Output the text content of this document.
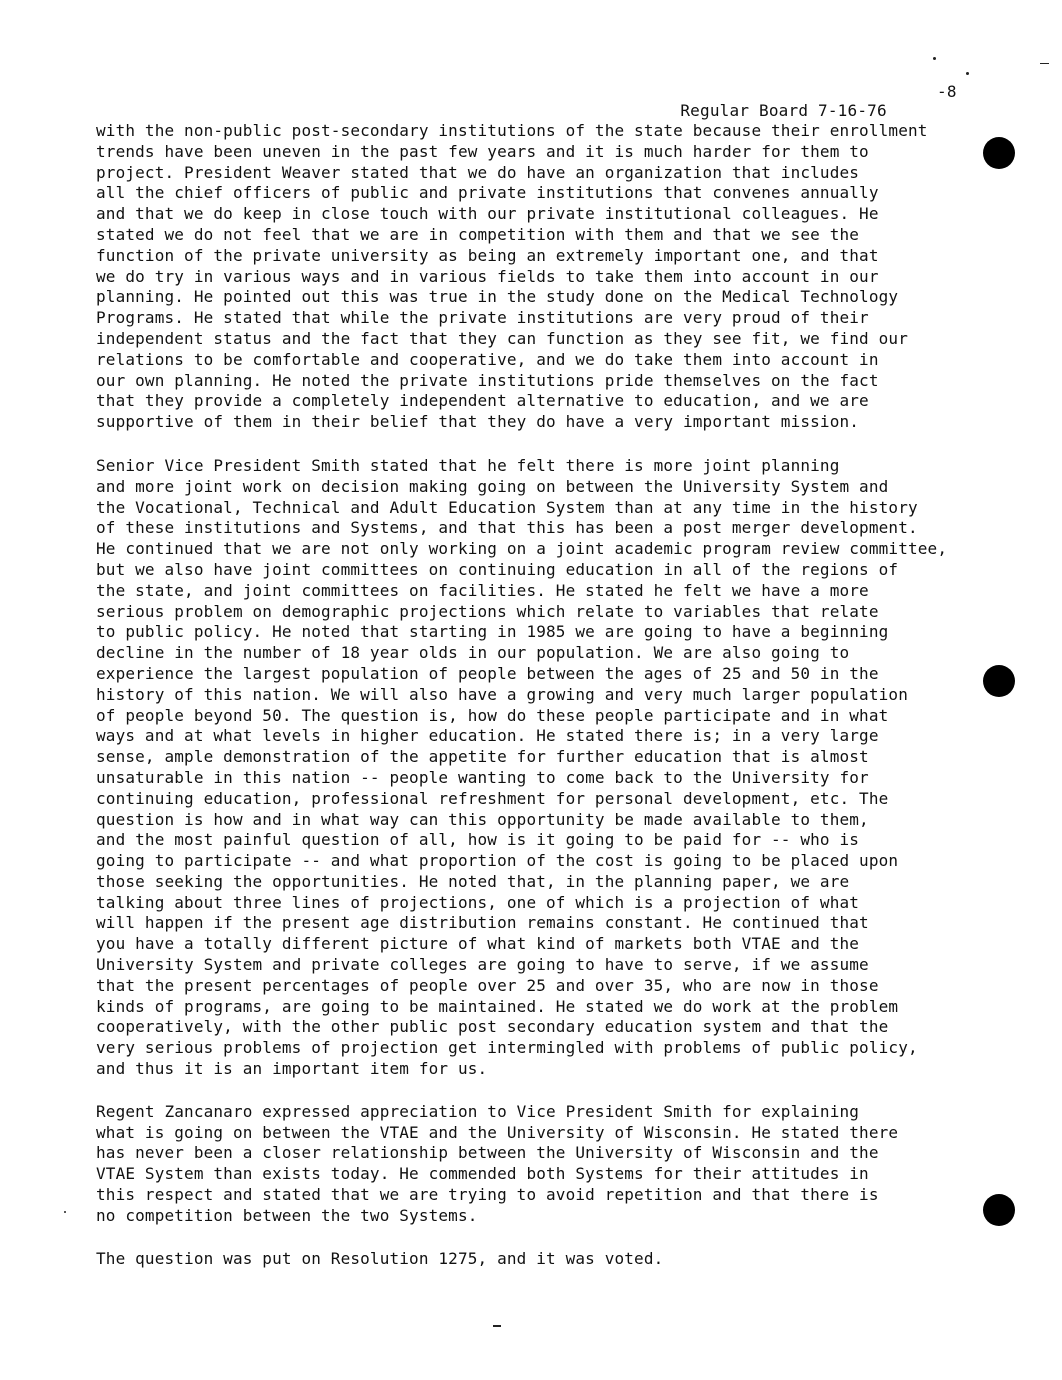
Regular Board 7-16-76

-8

with the non-public post-secondary institutions of the state because their enrollment
trends have been uneven in the past few years and it is much harder for them to
project. President Weaver stated that we do have an organization that includes
all the chief officers of public and private institutions that convenes annually
and that we do keep in close touch with our private institutional colleagues. He
stated we do not feel that we are in competition with them and that we see the
function of the private university as being an extremely important one, and that
we do try in various ways and in various fields to take them into account in our
planning. He pointed out this was true in the study done on the Medical Technology
Programs. He stated that while the private institutions are very proud of their
independent status and the fact that they can function as they see fit, we find our
relations to be comfortable and cooperative, and we do take them into account in
our own planning. He noted the private institutions pride themselves on the fact
that they provide a completely independent alternative to education, and we are
supportive of them in their belief that they do have a very important mission.

Senior Vice President Smith stated that he felt there is more joint planning
and more joint work on decision making going on between the University System and
the Vocational, Technical and Adult Education System than at any time in the history
of these institutions and Systems, and that this has been a post merger development.
He continued that we are not only working on a joint academic program review committee,
but we also have joint committees on continuing education in all of the regions of
the state, and joint committees on facilities. He stated he felt we have a more
serious problem on demographic projections which relate to variables that relate
to public policy. He noted that starting in 1985 we are going to have a beginning
decline in the number of 18 year olds in our population. We are also going to
experience the largest population of people between the ages of 25 and 50 in the
history of this nation. We will also have a growing and very much larger population
of people beyond 50. The question is, how do these people participate and in what
ways and at what levels in higher education. He stated there is; in a very large
sense, ample demonstration of the appetite for further education that is almost
unsaturable in this nation -- people wanting to come back to the University for
continuing education, professional refreshment for personal development, etc. The
question is how and in what way can this opportunity be made available to them,
and the most painful question of all, how is it going to be paid for -- who is
going to participate -- and what proportion of the cost is going to be placed upon
those seeking the opportunities. He noted that, in the planning paper, we are
talking about three lines of projections, one of which is a projection of what
will happen if the present age distribution remains constant. He continued that
you have a totally different picture of what kind of markets both VTAE and the
University System and private colleges are going to have to serve, if we assume
that the present percentages of people over 25 and over 35, who are now in those
kinds of programs, are going to be maintained. He stated we do work at the problem
cooperatively, with the other public post secondary education system and that the
very serious problems of projection get intermingled with problems of public policy,
and thus it is an important item for us.

Regent Zancanaro expressed appreciation to Vice President Smith for explaining
what is going on between the VTAE and the University of Wisconsin. He stated there
has never been a closer relationship between the University of Wisconsin and the
VTAE System than exists today. He commended both Systems for their attitudes in
this respect and stated that we are trying to avoid repetition and that there is
no competition between the two Systems.

The question was put on Resolution 1275, and it was voted.
